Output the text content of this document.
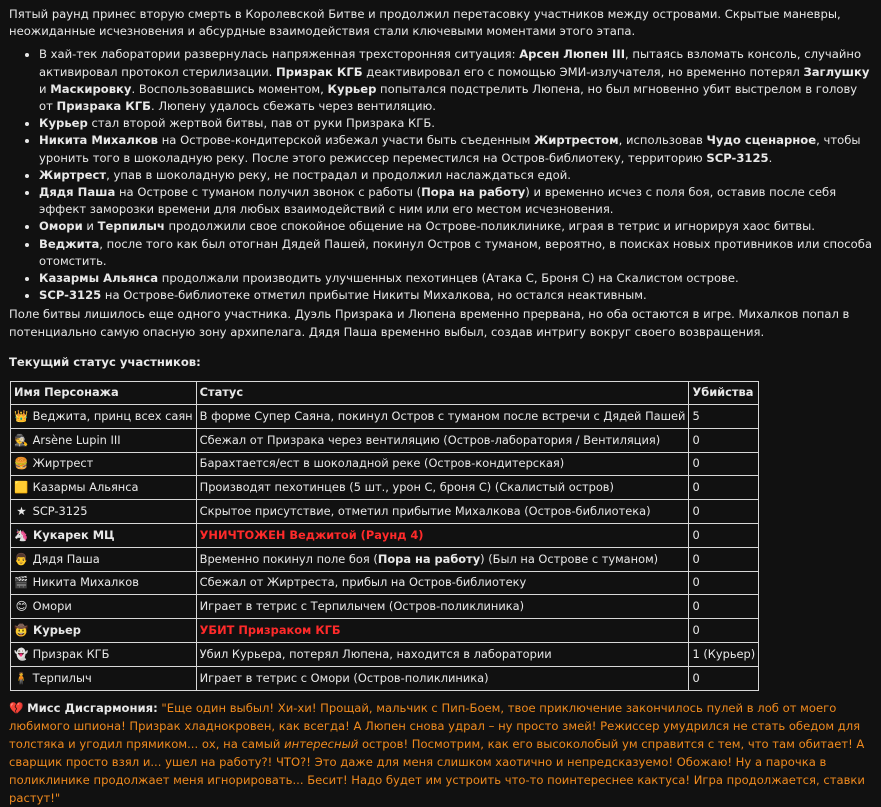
Пятый раунд принес вторую смерть в Королевской Битве и продолжил перетасовку участников между островами. Скрытые маневры, неожиданные исчезновения и абсурдные взаимодействия стали ключевыми моментами этого этапа.

• В хай-тек лаборатории развернулась напряженная трехсторонняя ситуация: Арсен Люпен III, пытаясь взломать консоль, случайно активировал протокол стерилизации. Призрак КГБ деактивировал его с помощью ЭМИ-излучателя, но временно потерял Заглушку и Маскировку. Воспользовавшись моментом, Курьер попытался подстрелить Люпена, но был мгновенно убит выстрелом в голову от Призрака КГБ. Люпену удалось сбежать через вентиляцию.
• Курьер стал второй жертвой битвы, пав от руки Призрака КГБ.
• Никита Михалков на Острове-кондитерской избежал участи быть съеденным Жиртрестом, использовав Чудо сценарное, чтобы уронить того в шоколадную реку. После этого режиссер переместился на Остров-библиотеку, территорию SCP-3125.
• Жиртрест, упав в шоколадную реку, не пострадал и продолжил наслаждаться едой.
• Дядя Паша на Острове с туманом получил звонок с работы (Пора на работу) и временно исчез с поля боя, оставив после себя эффект заморозки времени для любых взаимодействий с ним или его местом исчезновения.
• Омори и Терпилыч продолжили свое спокойное общение на Острове-поликлинике, играя в тетрис и игнорируя хаос битвы.
• Веджита, после того как был отогнан Дядей Пашей, покинул Остров с туманом, вероятно, в поисках новых противников или способа отомстить.
• Казармы Альянса продолжали производить улучшенных пехотинцев (Атака С, Броня С) на Скалистом острове.
• SCP-3125 на Острове-библиотеке отметил прибытие Никиты Михалкова, но остался неактивным.

Поле битвы лишилось еще одного участника. Дуэль Призрака и Люпена временно прервана, но оба остаются в игре. Михалков попал в потенциально самую опасную зону архипелага. Дядя Паша временно выбыл, создав интригу вокруг своего возвращения.

Текущий статус участников:

Имя Персонажа	Статус	Убийства
👑 Веджита, принц всех саян	В форме Супер Саяна, покинул Остров с туманом после встречи с Дядей Пашей	5
🕵 Arsène Lupin III	Сбежал от Призрака через вентиляцию (Остров-лаборатория / Вентиляция)	0
🍔 Жиртрест	Барахтается/ест в шоколадной реке (Остров-кондитерская)	0
🟨 Казармы Альянса	Производят пехотинцев (5 шт., урон С, броня С) (Скалистый остров)	0
★ SCP-3125	Скрытое присутствие, отметил прибытие Михалкова (Остров-библиотека)	0
🦄 Кукарек МЦ	УНИЧТОЖЕН Веджитой (Раунд 4)	0
👨 Дядя Паша	Временно покинул поле боя (Пора на работу) (Был на Острове с туманом)	0
🎬 Никита Михалков	Сбежал от Жиртреста, прибыл на Остров-библиотеку	0
😊 Омори	Играет в тетрис с Терпилычем (Остров-поликлиника)	0
🤠 Курьер	УБИТ Призраком КГБ	0
👻 Призрак КГБ	Убил Курьера, потерял Люпена, находится в лаборатории	1 (Курьер)
🧍 Терпилыч	Играет в тетрис с Омори (Остров-поликлиника)	0

💔 Мисс Дисгармония: "Еще один выбыл! Хи-хи! Прощай, мальчик с Пип-Боем, твое приключение закончилось пулей в лоб от моего любимого шпиона! Призрак хладнокровен, как всегда! А Люпен снова удрал – ну просто змей! Режиссер умудрился не стать обедом для толстяка и угодил прямиком... ох, на самый интересный остров! Посмотрим, как его высоколобый ум справится с тем, что там обитает! А сварщик просто взял и... ушел на работу?! ЧТО?! Это даже для меня слишком хаотично и непредсказуемо! Обожаю! Ну а парочка в поликлинике продолжает меня игнорировать... Бесит! Надо будет им устроить что-то поинтереснее кактуса! Игра продолжается, ставки растут!"
